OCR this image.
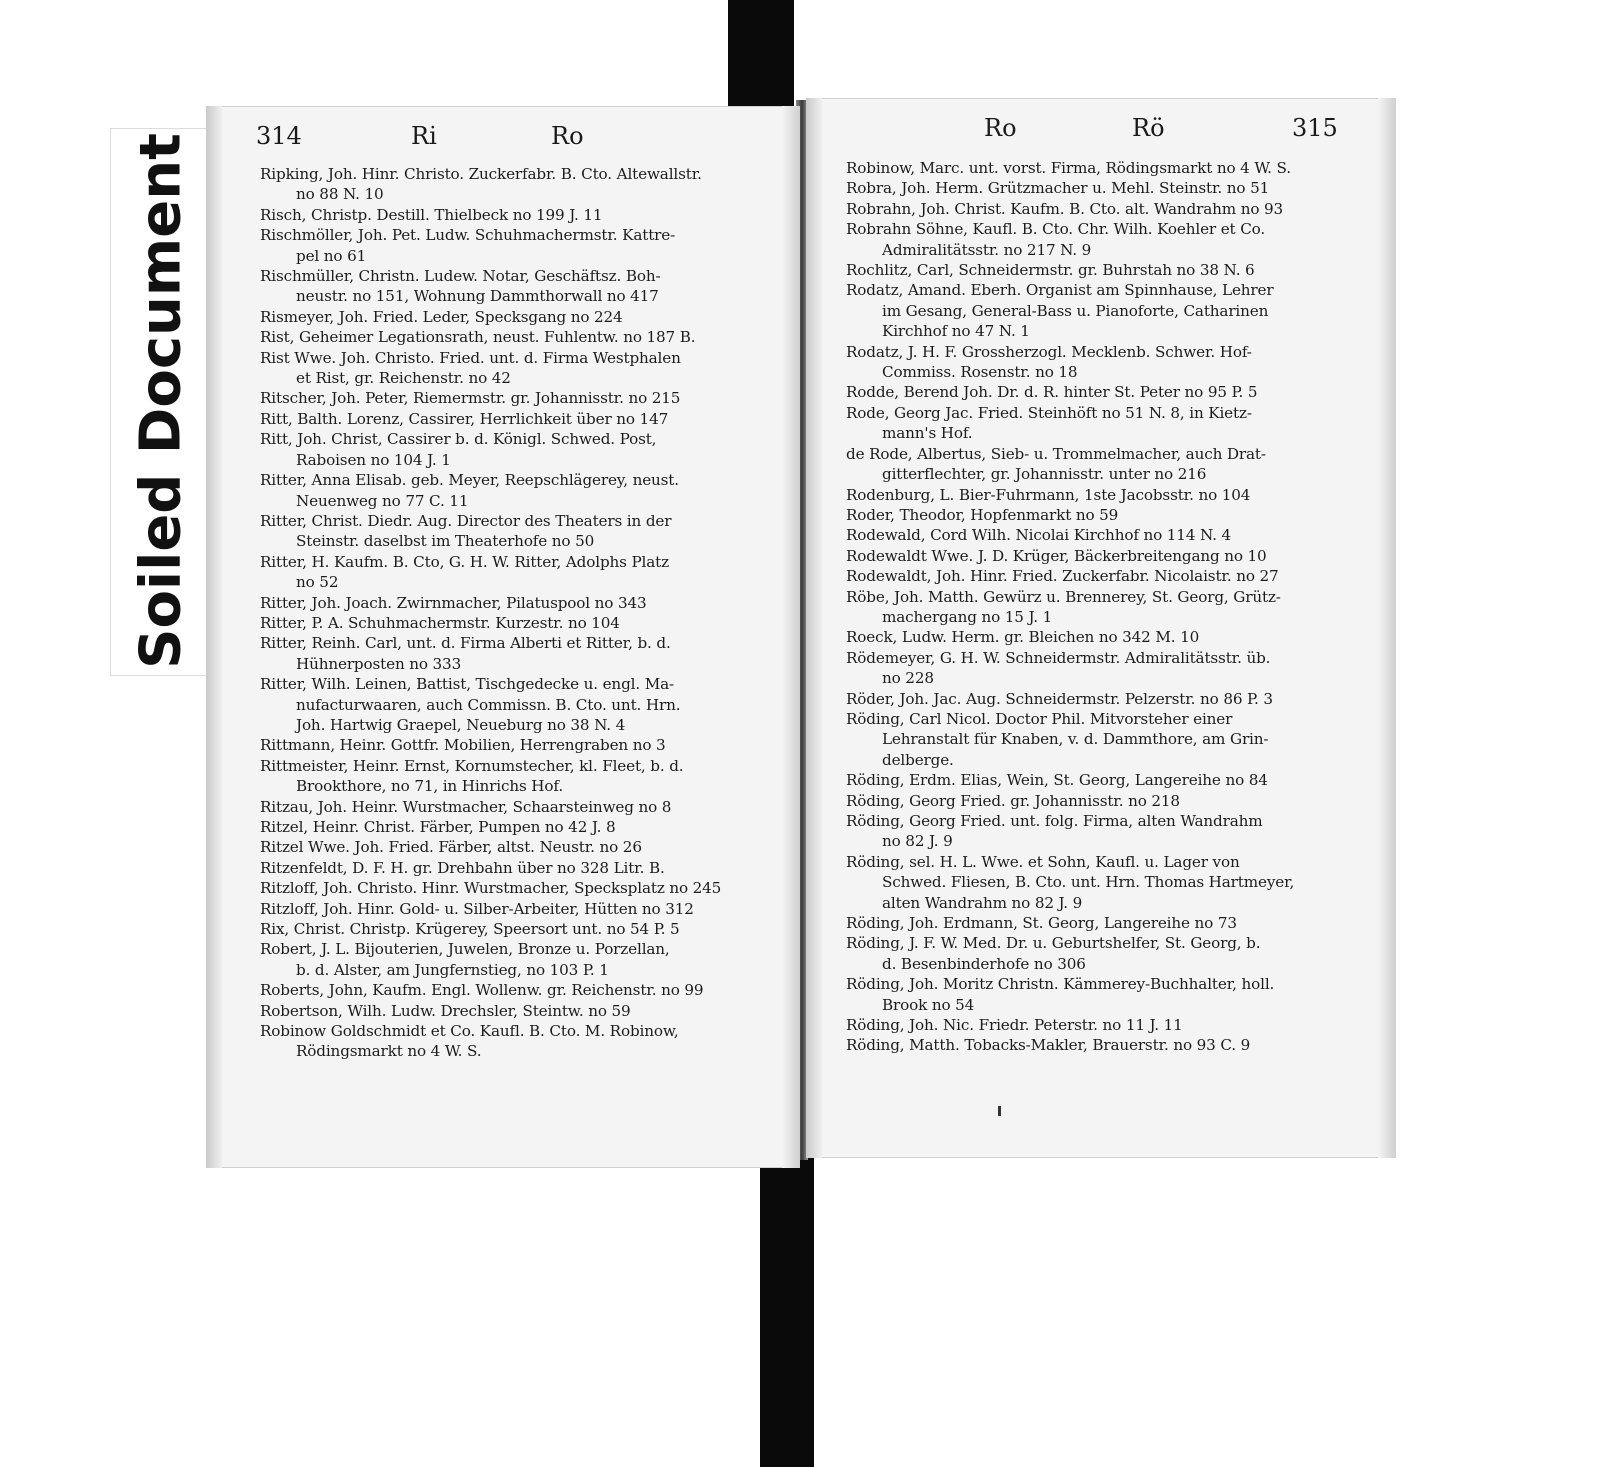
Soiled Document	314	Ri	Ro
Ripking, Joh. Hinr. Christo. Zuckerfabr. B. Cto. Altewallstr.
no 88 N. 10
Risch, Christp. Destill. Thielbeck no 199 J. 11
Rischmöller, Joh. Pet. Ludw. Schuhmachermstr. Kattre-
pel no 61
Rischmüller, Christn. Ludew. Notar, Geschäftsz. Boh-
neustr. no 151, Wohnung Dammthorwall no 417
Rismeyer, Joh. Fried. Leder, Specksgang no 224
Rist, Geheimer Legationsrath, neust. Fuhlentw. no 187 B.
Rist Wwe. Joh. Christo. Fried. unt. d. Firma Westphalen
et Rist, gr. Reichenstr. no 42
Ritscher, Joh. Peter, Riemermstr. gr. Johannisstr. no 215
Ritt, Balth. Lorenz, Cassirer, Herrlichkeit über no 147
Ritt, Joh. Christ, Cassirer b. d. Königl. Schwed. Post,
Raboisen no 104 J. 1
Ritter, Anna Elisab. geb. Meyer, Reepschlägerey, neust.
Neuenweg no 77 C. 11
Ritter, Christ. Diedr. Aug. Director des Theaters in der
Steinstr. daselbst im Theaterhofe no 50
Ritter, H. Kaufm. B. Cto, G. H. W. Ritter, Adolphs Platz
no 52
Ritter, Joh. Joach. Zwirnmacher, Pilatuspool no 343
Ritter, P. A. Schuhmachermstr. Kurzestr. no 104
Ritter, Reinh. Carl, unt. d. Firma Alberti et Ritter, b. d.
Hühnerposten no 333
Ritter, Wilh. Leinen, Battist, Tischgedecke u. engl. Ma-
nufacturwaaren, auch Commissn. B. Cto. unt. Hrn.
Joh. Hartwig Graepel, Neueburg no 38 N. 4
Rittmann, Heinr. Gottfr. Mobilien, Herrengraben no 3
Rittmeister, Heinr. Ernst, Kornumstecher, kl. Fleet, b. d.
Brookthore, no 71, in Hinrichs Hof.
Ritzau, Joh. Heinr. Wurstmacher, Schaarsteinweg no 8
Ritzel, Heinr. Christ. Färber, Pumpen no 42 J. 8
Ritzel Wwe. Joh. Fried. Färber, altst. Neustr. no 26
Ritzenfeldt, D. F. H. gr. Drehbahn über no 328 Litr. B.
Ritzloff, Joh. Christo. Hinr. Wurstmacher, Specksplatz no 245
Ritzloff, Joh. Hinr. Gold- u. Silber-Arbeiter, Hütten no 312
Rix, Christ. Christp. Krügerey, Speersort unt. no 54 P. 5
Robert, J. L. Bijouterien, Juwelen, Bronze u. Porzellan,
b. d. Alster, am Jungfernstieg, no 103 P. 1
Roberts, John, Kaufm. Engl. Wollenw. gr. Reichenstr. no 99
Robertson, Wilh. Ludw. Drechsler, Steintw. no 59
Robinow Goldschmidt et Co. Kaufl. B. Cto. M. Robinow,
Rödingsmarkt no 4 W. S.
Ro	Rö	315
Robinow, Marc. unt. vorst. Firma, Rödingsmarkt no 4 W. S.
Robra, Joh. Herm. Grützmacher u. Mehl. Steinstr. no 51
Robrahn, Joh. Christ. Kaufm. B. Cto. alt. Wandrahm no 93
Robrahn Söhne, Kaufl. B. Cto. Chr. Wilh. Koehler et Co.
Admiralitätsstr. no 217 N. 9
Rochlitz, Carl, Schneidermstr. gr. Buhrstah no 38 N. 6
Rodatz, Amand. Eberh. Organist am Spinnhause, Lehrer
im Gesang, General-Bass u. Pianoforte, Catharinen
Kirchhof no 47 N. 1
Rodatz, J. H. F. Grossherzogl. Mecklenb. Schwer. Hof-
Commiss. Rosenstr. no 18
Rodde, Berend Joh. Dr. d. R. hinter St. Peter no 95 P. 5
Rode, Georg Jac. Fried. Steinhöft no 51 N. 8, in Kietz-
mann's Hof.
de Rode, Albertus, Sieb- u. Trommelmacher, auch Drat-
gitterflechter, gr. Johannisstr. unter no 216
Rodenburg, L. Bier-Fuhrmann, 1ste Jacobsstr. no 104
Roder, Theodor, Hopfenmarkt no 59
Rodewald, Cord Wilh. Nicolai Kirchhof no 114 N. 4
Rodewaldt Wwe. J. D. Krüger, Bäckerbreitengang no 10
Rodewaldt, Joh. Hinr. Fried. Zuckerfabr. Nicolaistr. no 27
Röbe, Joh. Matth. Gewürz u. Brennerey, St. Georg, Grütz-
machergang no 15 J. 1
Roeck, Ludw. Herm. gr. Bleichen no 342 M. 10
Rödemeyer, G. H. W. Schneidermstr. Admiralitätsstr. üb.
no 228
Röder, Joh. Jac. Aug. Schneidermstr. Pelzerstr. no 86 P. 3
Röding, Carl Nicol. Doctor Phil. Mitvorsteher einer
Lehranstalt für Knaben, v. d. Dammthore, am Grin-
delberge.
Röding, Erdm. Elias, Wein, St. Georg, Langereihe no 84
Röding, Georg Fried. gr. Johannisstr. no 218
Röding, Georg Fried. unt. folg. Firma, alten Wandrahm
no 82 J. 9
Röding, sel. H. L. Wwe. et Sohn, Kaufl. u. Lager von
Schwed. Fliesen, B. Cto. unt. Hrn. Thomas Hartmeyer,
alten Wandrahm no 82 J. 9
Röding, Joh. Erdmann, St. Georg, Langereihe no 73
Röding, J. F. W. Med. Dr. u. Geburtshelfer, St. Georg, b.
d. Besenbinderhofe no 306
Röding, Joh. Moritz Christn. Kämmerey-Buchhalter, holl.
Brook no 54
Röding, Joh. Nic. Friedr. Peterstr. no 11 J. 11
Röding, Matth. Tobacks-Makler, Brauerstr. no 93 C. 9
